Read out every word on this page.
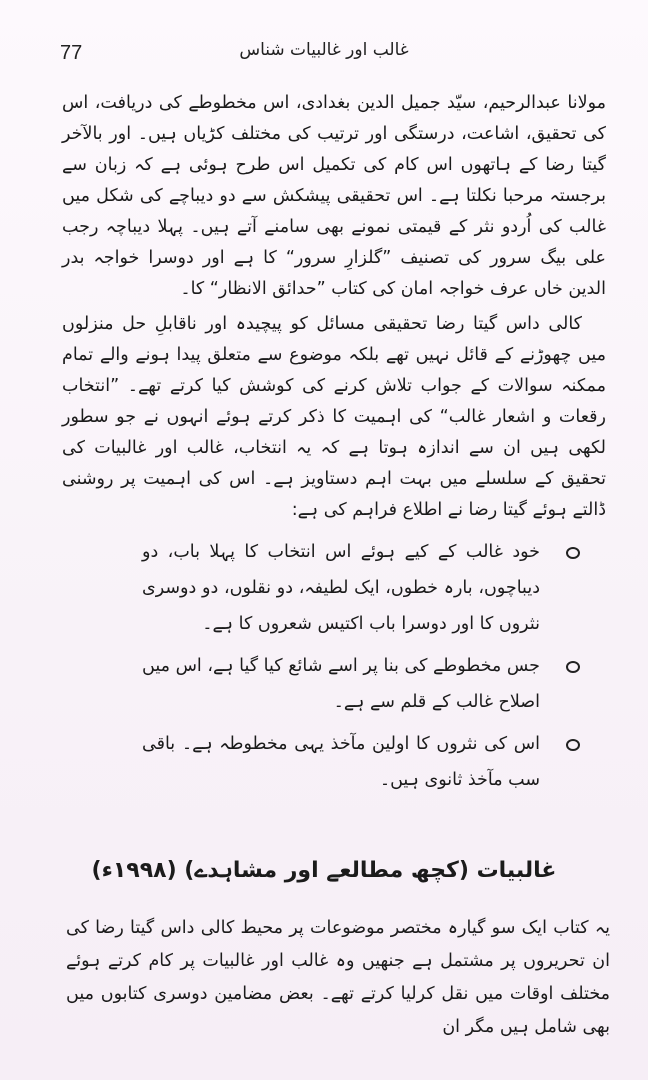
77	غالب اور غالبیات شناس

مولانا عبدالرحیم، سیّد جمیل الدین بغدادی، اس مخطوطے کی دریافت، اس کی تحقیق، اشاعت، درستگی اور ترتیب کی مختلف کڑیاں ہیں۔ اور بالآخر گیتا رضا کے ہاتھوں اس کام کی تکمیل اس طرح ہوئی ہے کہ زبان سے برجستہ مرحبا نکلتا ہے۔ اس تحقیقی پیشکش سے دو دیباچے کی شکل میں غالب کی اُردو نثر کے قیمتی نمونے بھی سامنے آتے ہیں۔ پہلا دیباچہ رجب علی بیگ سرور کی تصنیف ”گلزارِ سرور“ کا ہے اور دوسرا خواجہ بدر الدین خاں عرف خواجہ امان کی کتاب ”حدائق الانظار“ کا۔

کالی داس گیتا رضا تحقیقی مسائل کو پیچیدہ اور ناقابلِ حل منزلوں میں چھوڑنے کے قائل نہیں تھے بلکہ موضوع سے متعلق پیدا ہونے والے تمام ممکنہ سوالات کے جواب تلاش کرنے کی کوشش کیا کرتے تھے۔ ”انتخاب رقعات و اشعار غالب“ کی اہمیت کا ذکر کرتے ہوئے انہوں نے جو سطور لکھی ہیں ان سے اندازہ ہوتا ہے کہ یہ انتخاب، غالب اور غالبیات کی تحقیق کے سلسلے میں بہت اہم دستاویز ہے۔ اس کی اہمیت پر روشنی ڈالتے ہوئے گیتا رضا نے اطلاع فراہم کی ہے:

خود غالب کے کیے ہوئے اس انتخاب کا پہلا باب، دو دیباچوں، بارہ خطوں، ایک لطیفہ، دو نقلوں، دو دوسری نثروں کا اور دوسرا باب اکتیس شعروں کا ہے۔
جس مخطوطے کی بنا پر اسے شائع کیا گیا ہے، اس میں اصلاح غالب کے قلم سے ہے۔
اس کی نثروں کا اولین مآخذ یہی مخطوطہ ہے۔ باقی سب مآخذ ثانوی ہیں۔
غالبیات (کچھ مطالعے اور مشاہدے) (۱۹۹۸ء)
یہ کتاب ایک سو گیارہ مختصر موضوعات پر محیط کالی داس گیتا رضا کی ان تحریروں پر مشتمل ہے جنھیں وہ غالب اور غالبیات پر کام کرتے ہوئے مختلف اوقات میں نقل کرلیا کرتے تھے۔ بعض مضامین دوسری کتابوں میں بھی شامل ہیں مگر ان
